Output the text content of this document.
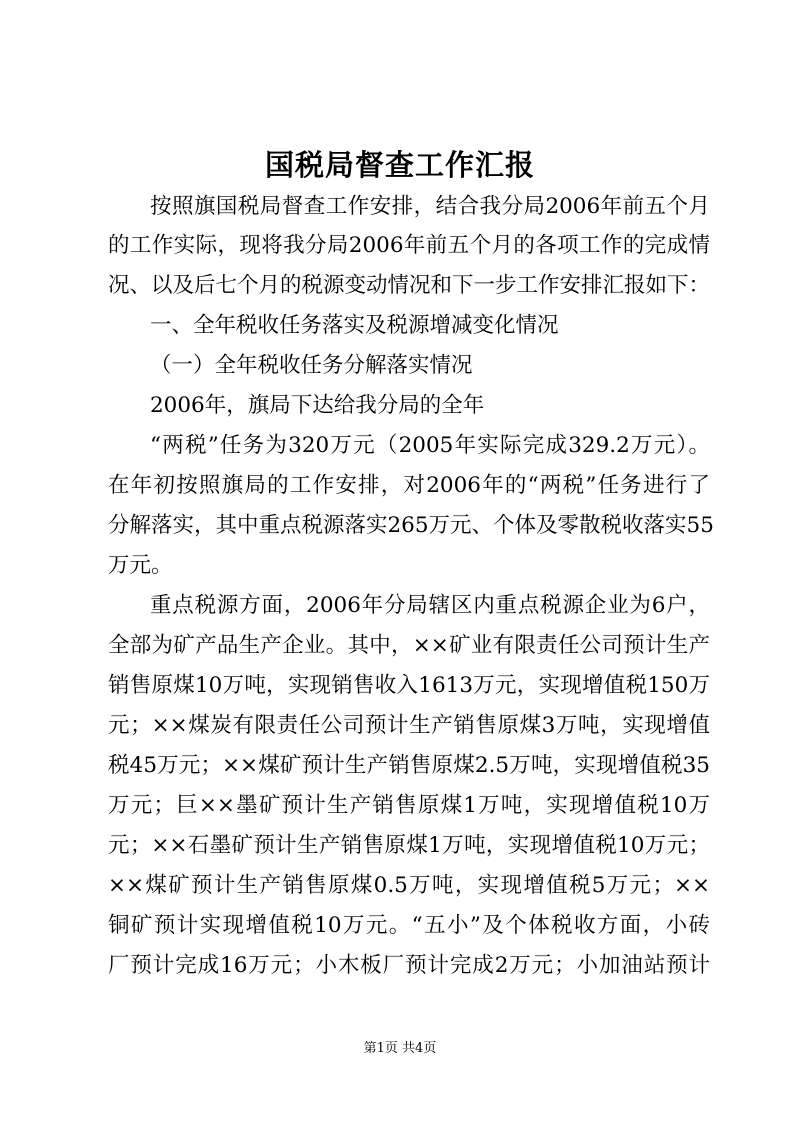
国税局督查工作汇报
按照旗国税局督查工作安排，结合我分局2006年前五个月
的工作实际，现将我分局2006年前五个月的各项工作的完成情
况、以及后七个月的税源变动情况和下一步工作安排汇报如下：
一、全年税收任务落实及税源增减变化情况
（一）全年税收任务分解落实情况
2006年，旗局下达给我分局的全年
“两税”任务为320万元（2005年实际完成329.2万元）。
在年初按照旗局的工作安排，对2006年的“两税”任务进行了
分解落实，其中重点税源落实265万元、个体及零散税收落实55
万元。
重点税源方面，2006年分局辖区内重点税源企业为6户，
全部为矿产品生产企业。其中，××矿业有限责任公司预计生产
销售原煤10万吨，实现销售收入1613万元，实现增值税150万
元；××煤炭有限责任公司预计生产销售原煤3万吨，实现增值
税45万元；××煤矿预计生产销售原煤2.5万吨，实现增值税35
万元；巨××墨矿预计生产销售原煤1万吨，实现增值税10万
元；××石墨矿预计生产销售原煤1万吨，实现增值税10万元；
××煤矿预计生产销售原煤0.5万吨，实现增值税5万元；××
铜矿预计实现增值税10万元。“五小”及个体税收方面，小砖
厂预计完成16万元；小木板厂预计完成2万元；小加油站预计
第1页 共4页
